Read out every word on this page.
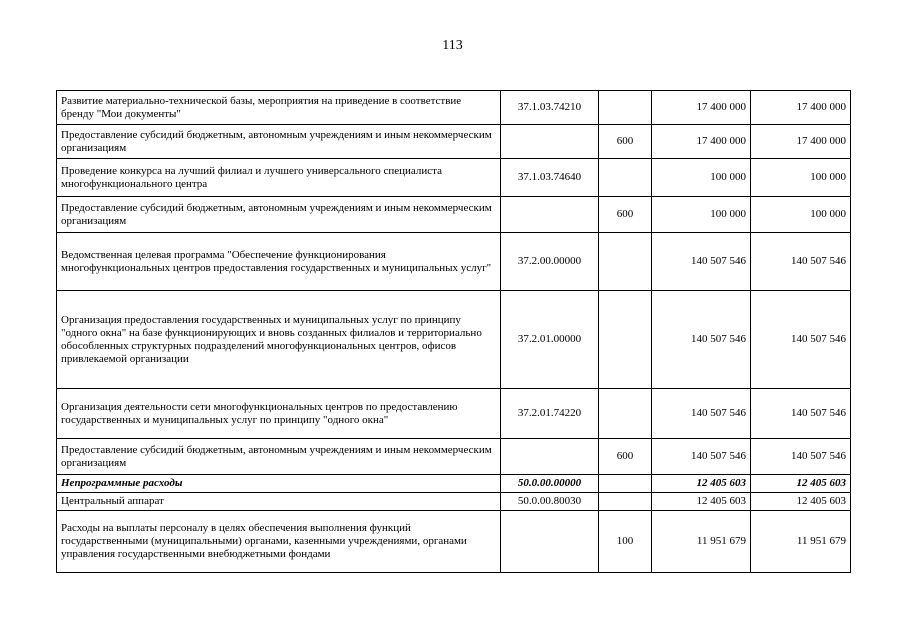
113
Развитие материально-технической базы, мероприятия на приведение в соответствие бренду "Мои документы"	37.1.03.74210		17 400 000	17 400 000
Предоставление субсидий бюджетным, автономным учреждениям и иным некоммерческим организациям		600	17 400 000	17 400 000
Проведение конкурса на лучший филиал и лучшего универсального специалиста многофункционального центра	37.1.03.74640		100 000	100 000
Предоставление субсидий бюджетным, автономным учреждениям и иным некоммерческим организациям		600	100 000	100 000
Ведомственная целевая программа "Обеспечение функционирования многофункциональных центров предоставления государственных и муниципальных услуг"	37.2.00.00000		140 507 546	140 507 546
Организация предоставления государственных и муниципальных услуг по принципу "одного окна" на базе функционирующих и вновь созданных филиалов и территориально обособленных структурных подразделений многофункциональных центров, офисов привлекаемой организации	37.2.01.00000		140 507 546	140 507 546
Организация деятельности сети многофункциональных центров по предоставлению государственных и муниципальных услуг по принципу "одного окна"	37.2.01.74220		140 507 546	140 507 546
Предоставление субсидий бюджетным, автономным учреждениям и иным некоммерческим организациям		600	140 507 546	140 507 546
Непрограммные расходы	50.0.00.00000		12 405 603	12 405 603
Центральный аппарат	50.0.00.80030		12 405 603	12 405 603
Расходы на выплаты персоналу в целях обеспечения выполнения функций государственными (муниципальными) органами, казенными учреждениями, органами управления государственными внебюджетными фондами		100	11 951 679	11 951 679
